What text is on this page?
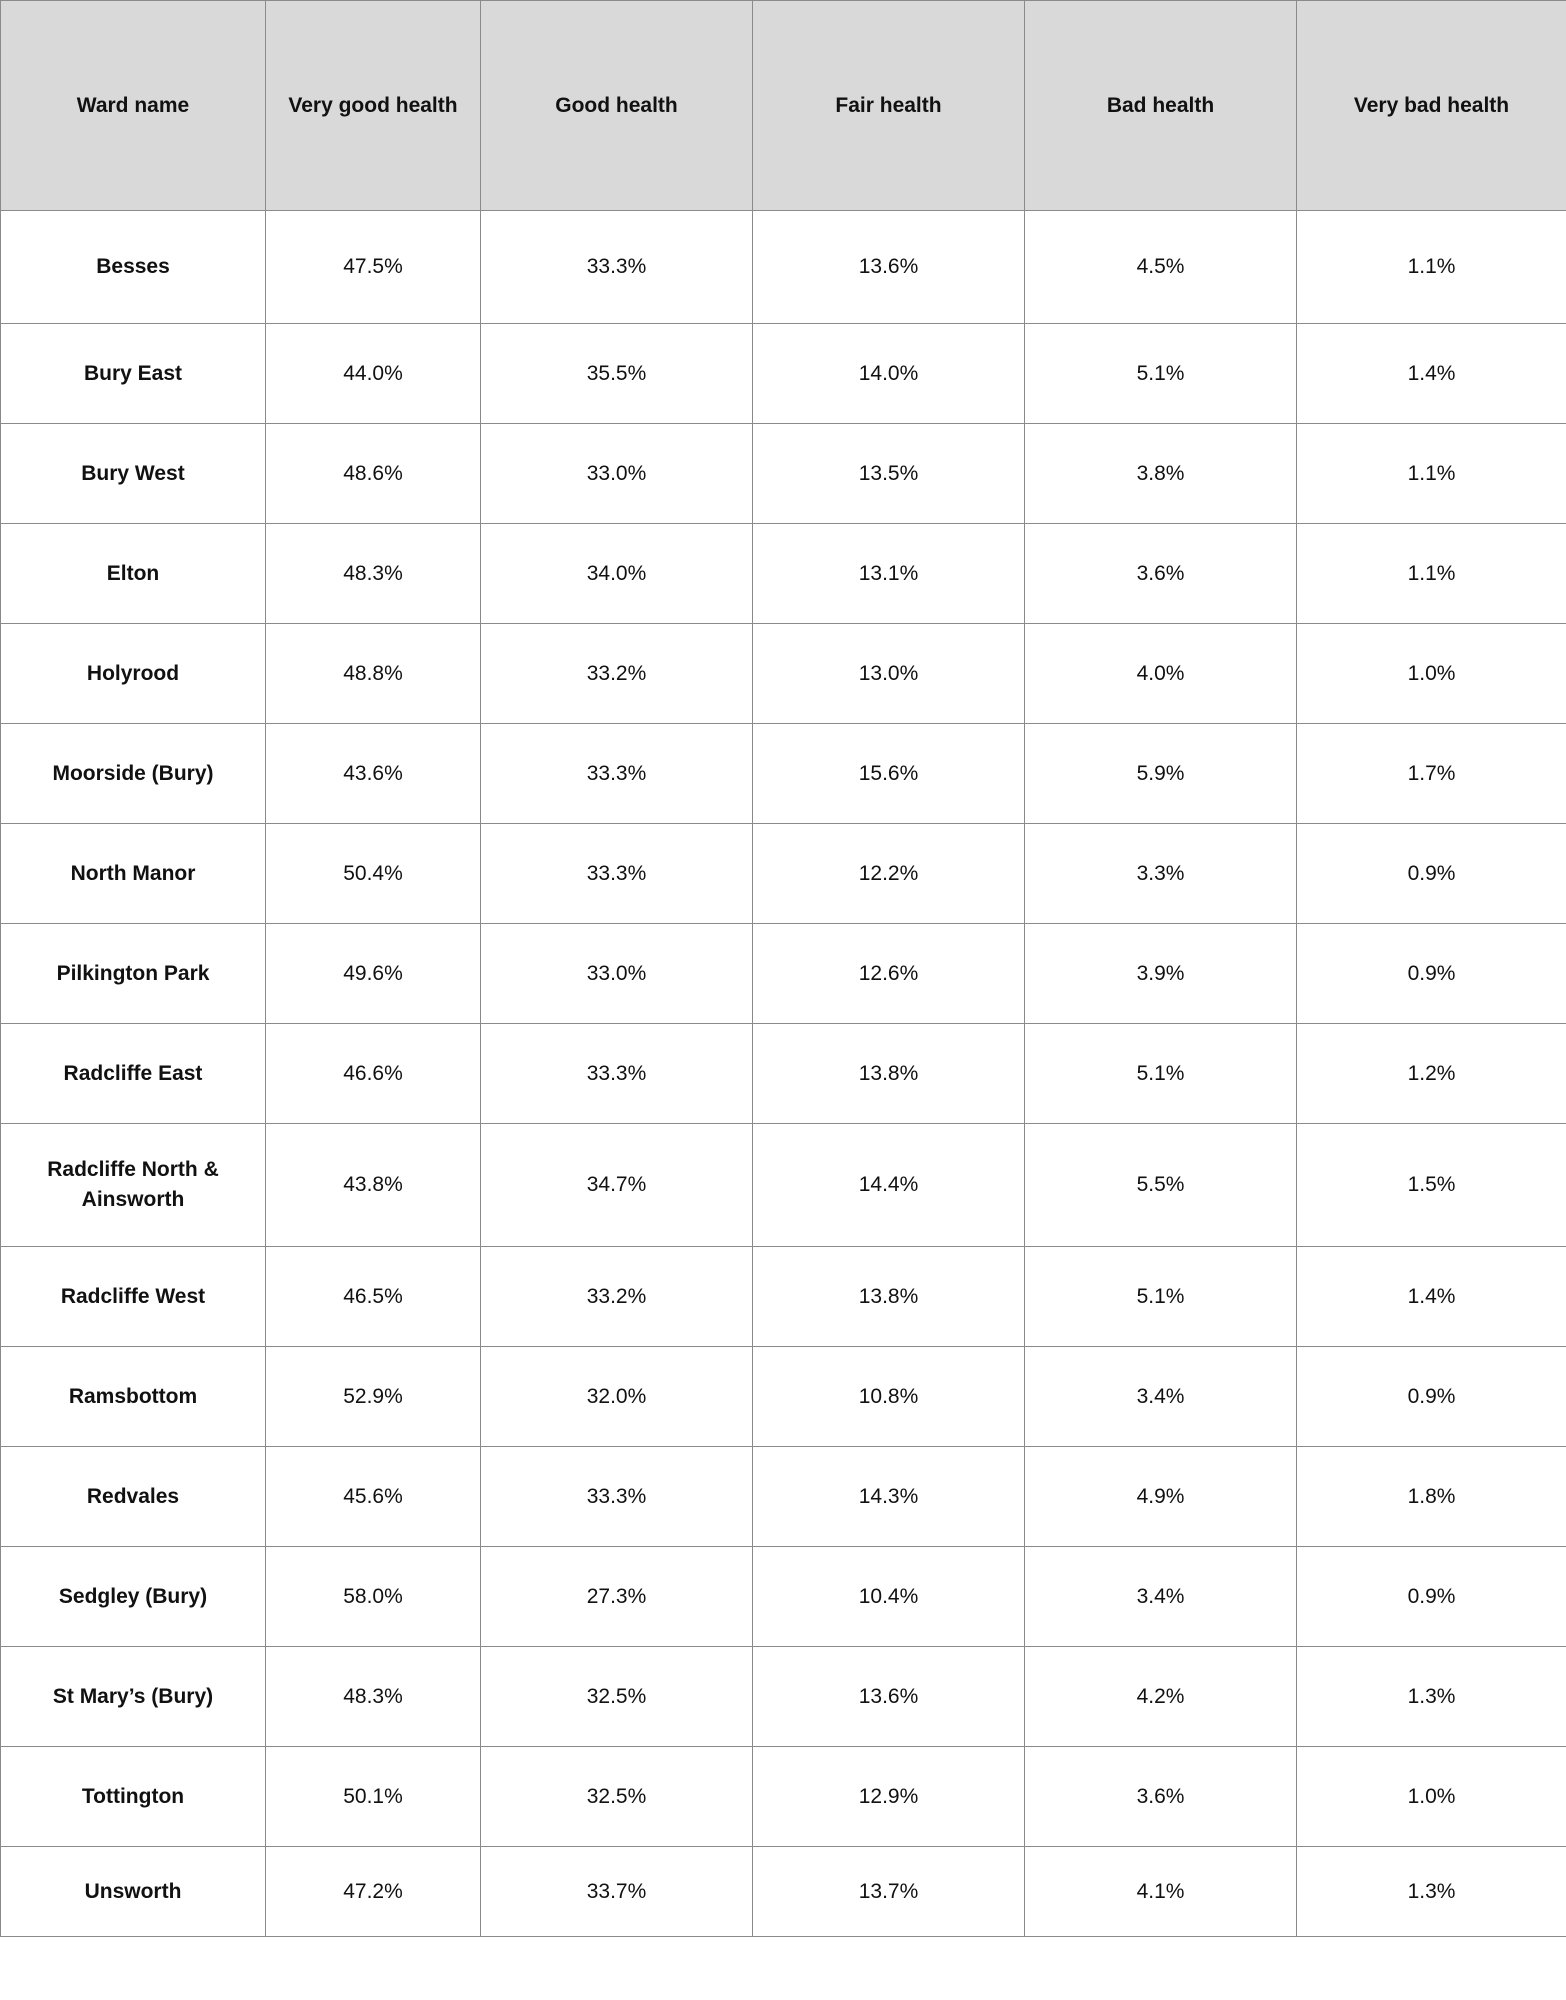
Ward name	Very good health	Good health	Fair health	Bad health	Very bad health
Besses	47.5%	33.3%	13.6%	4.5%	1.1%
Bury East	44.0%	35.5%	14.0%	5.1%	1.4%
Bury West	48.6%	33.0%	13.5%	3.8%	1.1%
Elton	48.3%	34.0%	13.1%	3.6%	1.1%
Holyrood	48.8%	33.2%	13.0%	4.0%	1.0%
Moorside (Bury)	43.6%	33.3%	15.6%	5.9%	1.7%
North Manor	50.4%	33.3%	12.2%	3.3%	0.9%
Pilkington Park	49.6%	33.0%	12.6%	3.9%	0.9%
Radcliffe East	46.6%	33.3%	13.8%	5.1%	1.2%
Radcliffe North & Ainsworth	43.8%	34.7%	14.4%	5.5%	1.5%
Radcliffe West	46.5%	33.2%	13.8%	5.1%	1.4%
Ramsbottom	52.9%	32.0%	10.8%	3.4%	0.9%
Redvales	45.6%	33.3%	14.3%	4.9%	1.8%
Sedgley (Bury)	58.0%	27.3%	10.4%	3.4%	0.9%
St Mary’s (Bury)	48.3%	32.5%	13.6%	4.2%	1.3%
Tottington	50.1%	32.5%	12.9%	3.6%	1.0%
Unsworth	47.2%	33.7%	13.7%	4.1%	1.3%
